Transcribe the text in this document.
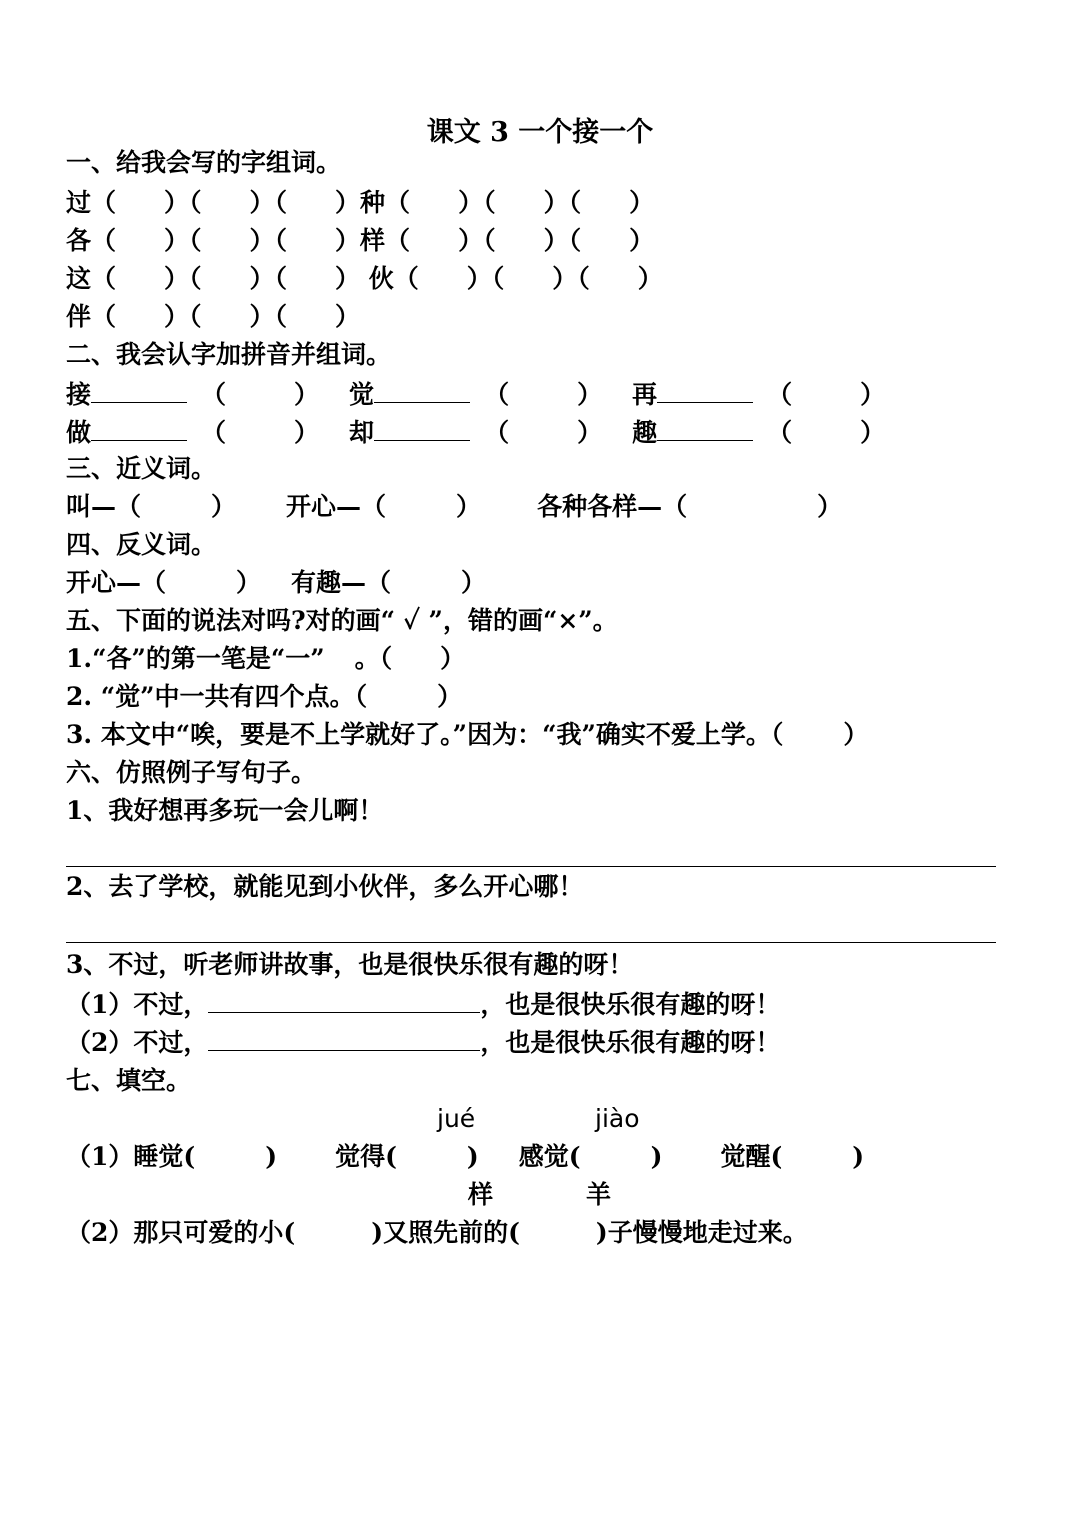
课文 3 一个接一个
一、给我会写的字组词。
过（ ）（ ）（ ）种（ ）（ ）（ ）
各（ ）（ ）（ ）样（ ）（ ）（ ）
这（ ）（ ）（ ） 伙（ ）（ ）（ ）
伴（ ）（ ）（ ）
二、我会认字加拼音并组词。
接	（	） 觉	（	） 再	（	）
做	（	） 却	（	） 趣	（	）
三、近义词。
叫—（	） 开心—（	） 各种各样—（	）
四、反义词。
开心—（	） 有趣—（	）
五、下面的说法对吗?对的画“ ✓ ”，错的画“×”。
1.“各”的第一笔是“一” 。（ ）
2. “觉”中一共有四个点。（	）
3. 本文中“唉，要是不上学就好了。”因为：“我”确实不爱上学。（ ）
六、仿照例子写句子。
1、我好想再多玩一会儿啊！
2、去了学校，就能见到小伙伴，多么开心哪！
3、不过，听老师讲故事，也是很快乐很有趣的呀！
（1）不过，	，也是很快乐很有趣的呀！
（2）不过，	，也是很快乐很有趣的呀！
七、填空。
jué	jiào
（1）睡觉(	) 觉得(	) 感觉(	) 觉醒(	)
样	羊
（2）那只可爱的小(	)又照先前的(	)子慢慢地走过来。
